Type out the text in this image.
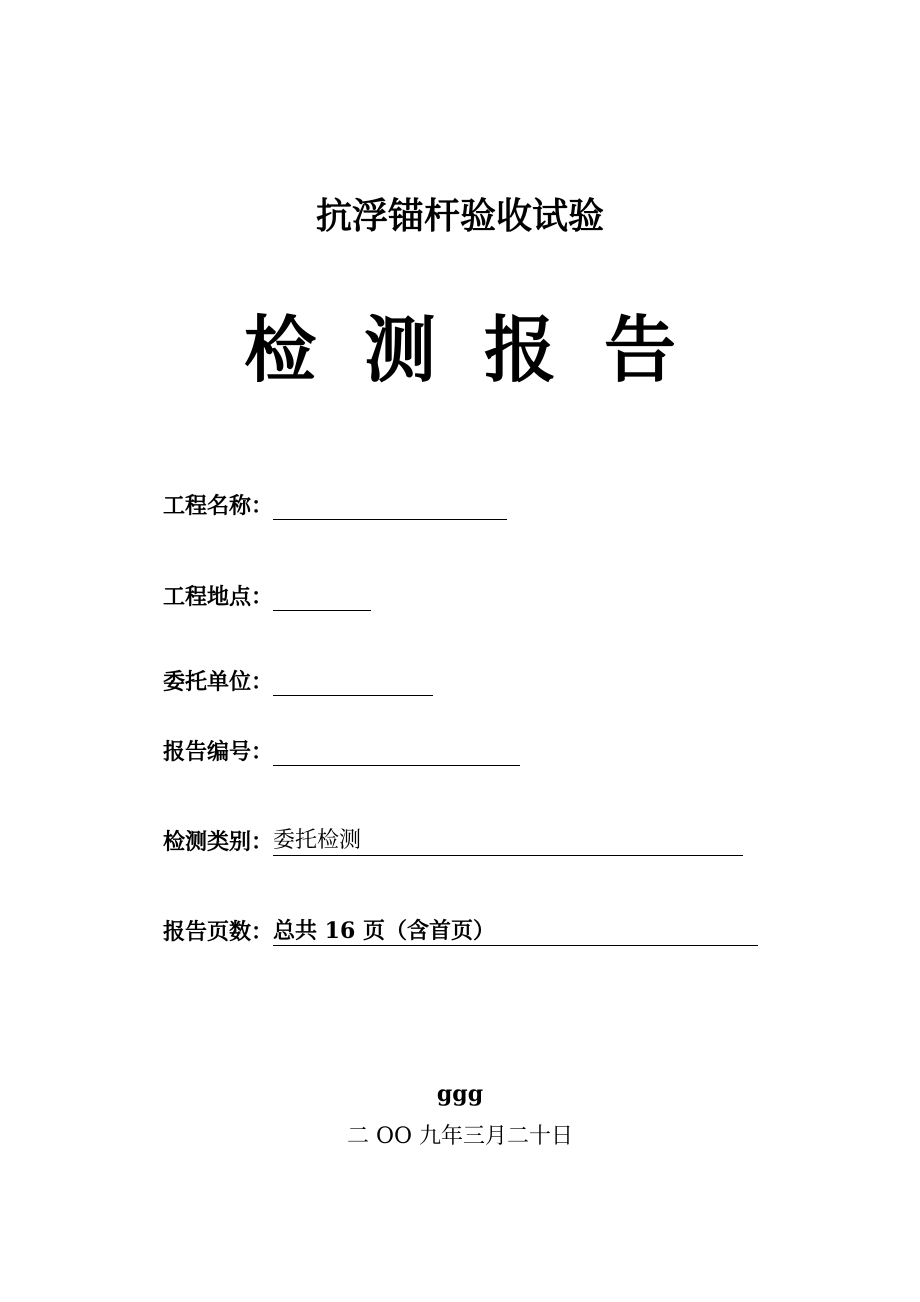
抗浮锚杆验收试验
检测报告
工程名称：
工程地点：
委托单位：
报告编号：
检测类别： 委托检测
报告页数： 总共 16 页（含首页）
ggg
二 OO 九年三月二十日
